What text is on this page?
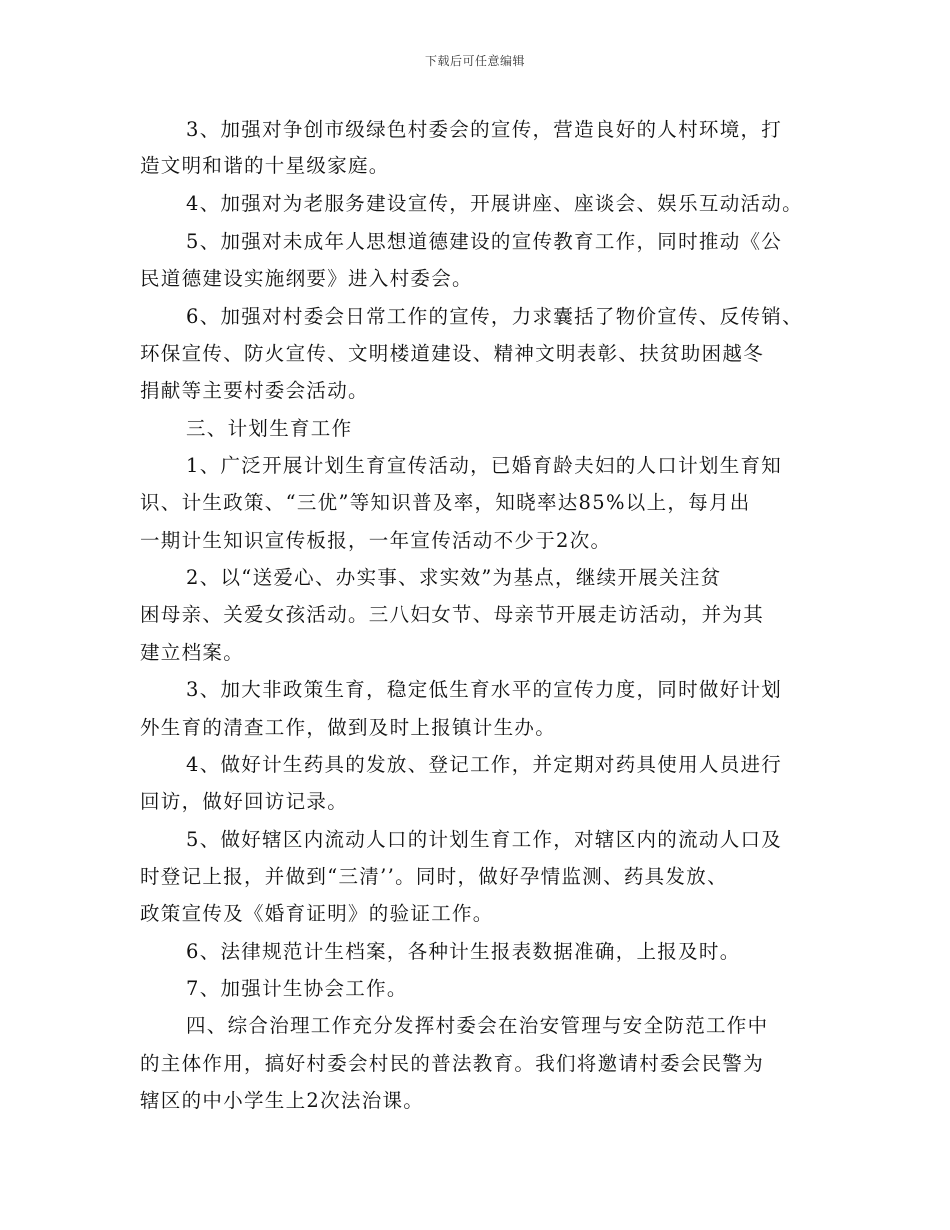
下载后可任意编辑
3、加强对争创市级绿色村委会的宣传，营造良好的人村环境，打
造文明和谐的十星级家庭。
4、加强对为老服务建设宣传，开展讲座、座谈会、娱乐互动活动。
5、加强对未成年人思想道德建设的宣传教育工作，同时推动《公
民道德建设实施纲要》进入村委会。
6、加强对村委会日常工作的宣传，力求囊括了物价宣传、反传销、
环保宣传、防火宣传、文明楼道建设、精神文明表彰、扶贫助困越冬
捐献等主要村委会活动。
三、计划生育工作
1、广泛开展计划生育宣传活动，已婚育龄夫妇的人口计划生育知
识、计生政策、“三优”等知识普及率，知晓率达85%以上，每月出
一期计生知识宣传板报，一年宣传活动不少于2次。
2、以“送爱心、办实事、求实效”为基点，继续开展关注贫
困母亲、关爱女孩活动。三八妇女节、母亲节开展走访活动，并为其
建立档案。
3、加大非政策生育，稳定低生育水平的宣传力度，同时做好计划
外生育的清查工作，做到及时上报镇计生办。
4、做好计生药具的发放、登记工作，并定期对药具使用人员进行
回访，做好回访记录。
5、做好辖区内流动人口的计划生育工作，对辖区内的流动人口及
时登记上报，并做到“三清’’。同时，做好孕情监测、药具发放、
政策宣传及《婚育证明》的验证工作。
6、法律规范计生档案，各种计生报表数据准确，上报及时。
7、加强计生协会工作。
四、综合治理工作充分发挥村委会在治安管理与安全防范工作中
的主体作用，搞好村委会村民的普法教育。我们将邀请村委会民警为
辖区的中小学生上2次法治课。
